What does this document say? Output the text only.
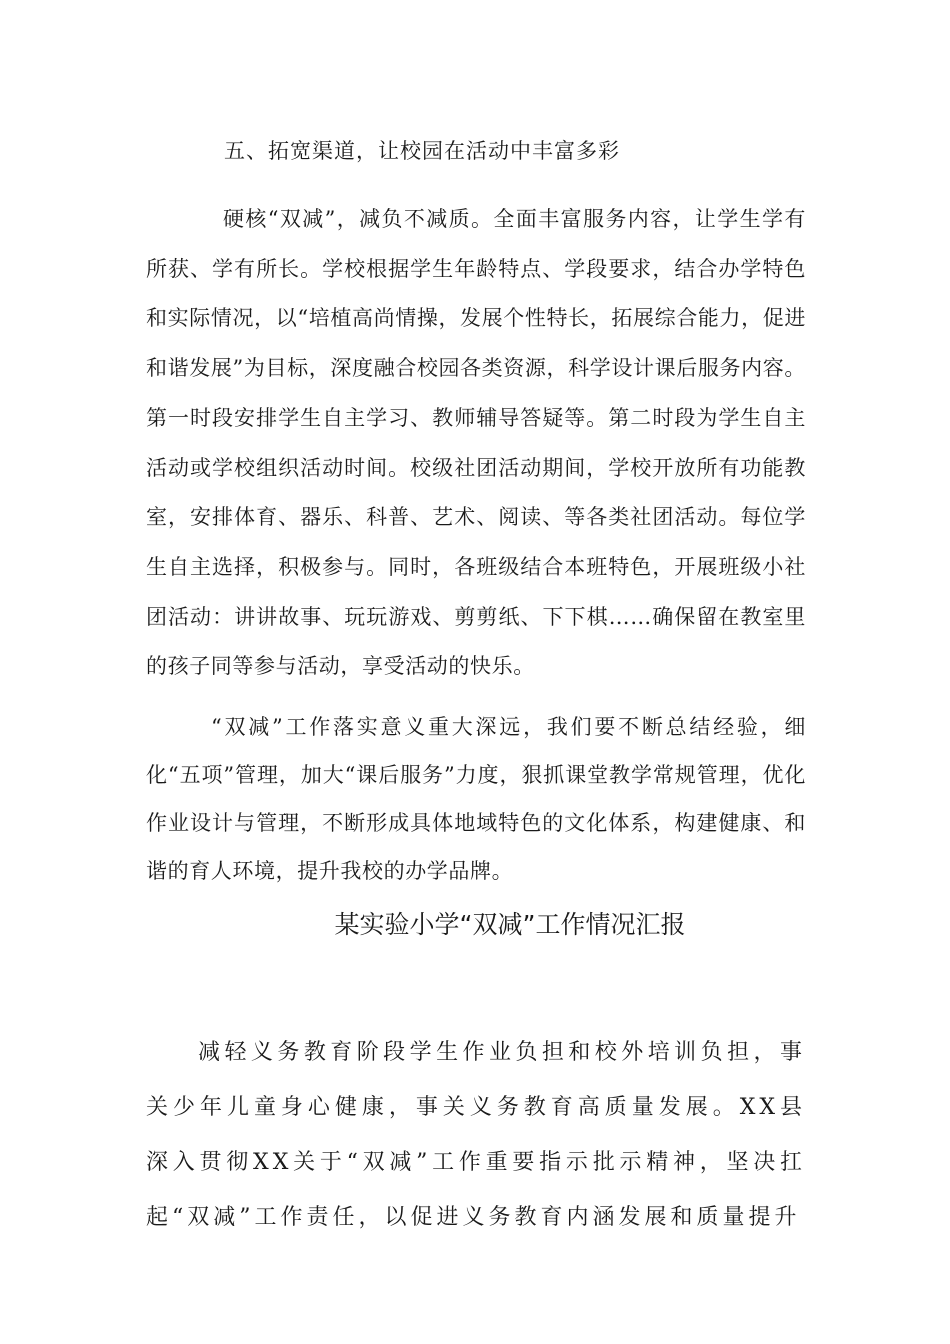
五、拓宽渠道，让校园在活动中丰富多彩

硬核“双减”，减负不减质。全面丰富服务内容，让学生学有所获、学有所长。学校根据学生年龄特点、学段要求，结合办学特色和实际情况，以“培植高尚情操，发展个性特长，拓展综合能力，促进和谐发展”为目标，深度融合校园各类资源，科学设计课后服务内容。第一时段安排学生自主学习、教师辅导答疑等。第二时段为学生自主活动或学校组织活动时间。校级社团活动期间，学校开放所有功能教室，安排体育、器乐、科普、艺术、阅读、等各类社团活动。每位学生自主选择，积极参与。同时，各班级结合本班特色，开展班级小社团活动：讲讲故事、玩玩游戏、剪剪纸、下下棋……确保留在教室里的孩子同等参与活动，享受活动的快乐。

“双减”工作落实意义重大深远，我们要不断总结经验，细化“五项”管理，加大“课后服务”力度，狠抓课堂教学常规管理，优化作业设计与管理，不断形成具体地域特色的文化体系，构建健康、和谐的育人环境，提升我校的办学品牌。

某实验小学“双减”工作情况汇报

减轻义务教育阶段学生作业负担和校外培训负担，事关少年儿童身心健康，事关义务教育高质量发展。XX县深入贯彻XX关于“双减”工作重要指示批示精神，坚决扛起“双减”工作责任，以促进义务教育内涵发展和质量提升
